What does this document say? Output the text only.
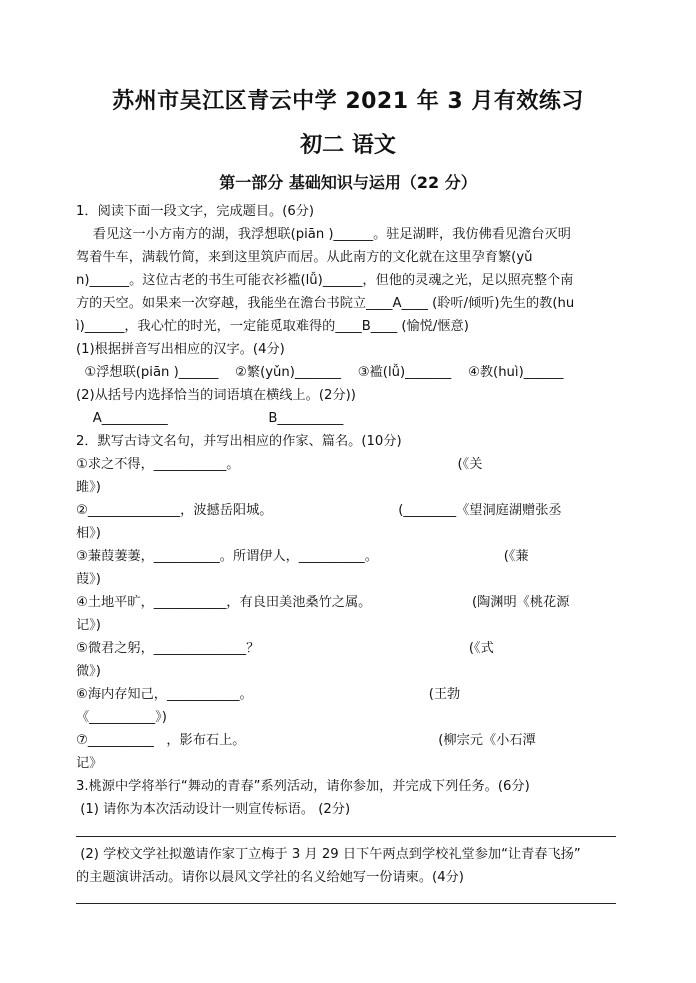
苏州市吴江区青云中学 2021 年 3 月有效练习
初二 语文
第一部分 基础知识与运用（22 分）
1．阅读下面一段文字，完成题目。(6分)
看见这一小方南方的湖，我浮想联(piān )______。驻足湖畔，我仿佛看见澹台灭明
驾着牛车，满载竹简，来到这里筑庐而居。从此南方的文化就在这里孕育繁(yǔ
n)______。这位古老的书生可能衣衫褴(lǚ)______，但他的灵魂之光，足以照亮整个南
方的天空。如果来一次穿越，我能坐在澹台书院立____A____ (聆听/倾听)先生的教(hu
ì)______，我心忙的时光，一定能觅取难得的____B____ (愉悦/惬意)
(1)根据拼音写出相应的汉字。(4分)
①浮想联(piān )______    ②繁(yǔn)_______    ③褴(lǚ)_______    ④教(huì)______
(2)从括号内选择恰当的词语填在横线上。(2分))
A__________                        B__________
2．默写古诗文名句，并写出相应的作家、篇名。(10分)
①求之不得，___________。                                                    (《关
雎》)
②______________，波撼岳阳城。                              (________《望洞庭湖赠张丞
相》)
③蒹葭萋萋，__________。所谓伊人，__________。                              (《蒹
葭》)
④土地平旷，___________，有良田美池桑竹之属。                        (陶渊明《桃花源
记》)
⑤微君之躬，______________？                                                  (《式
微》)
⑥海内存知己，___________。                                          (王勃
《__________》)
⑦__________   ，影布石上。                                              (柳宗元《小石潭
记》
3.桃源中学将举行“舞动的青春”系列活动，请你参加，并完成下列任务。(6分)
(1) 请你为本次活动设计一则宣传标语。 (2分)
(2) 学校文学社拟邀请作家丁立梅于 3 月 29 日下午两点到学校礼堂参加“让青春飞扬”
的主题演讲活动。请你以晨风文学社的名义给她写一份请柬。(4分)
